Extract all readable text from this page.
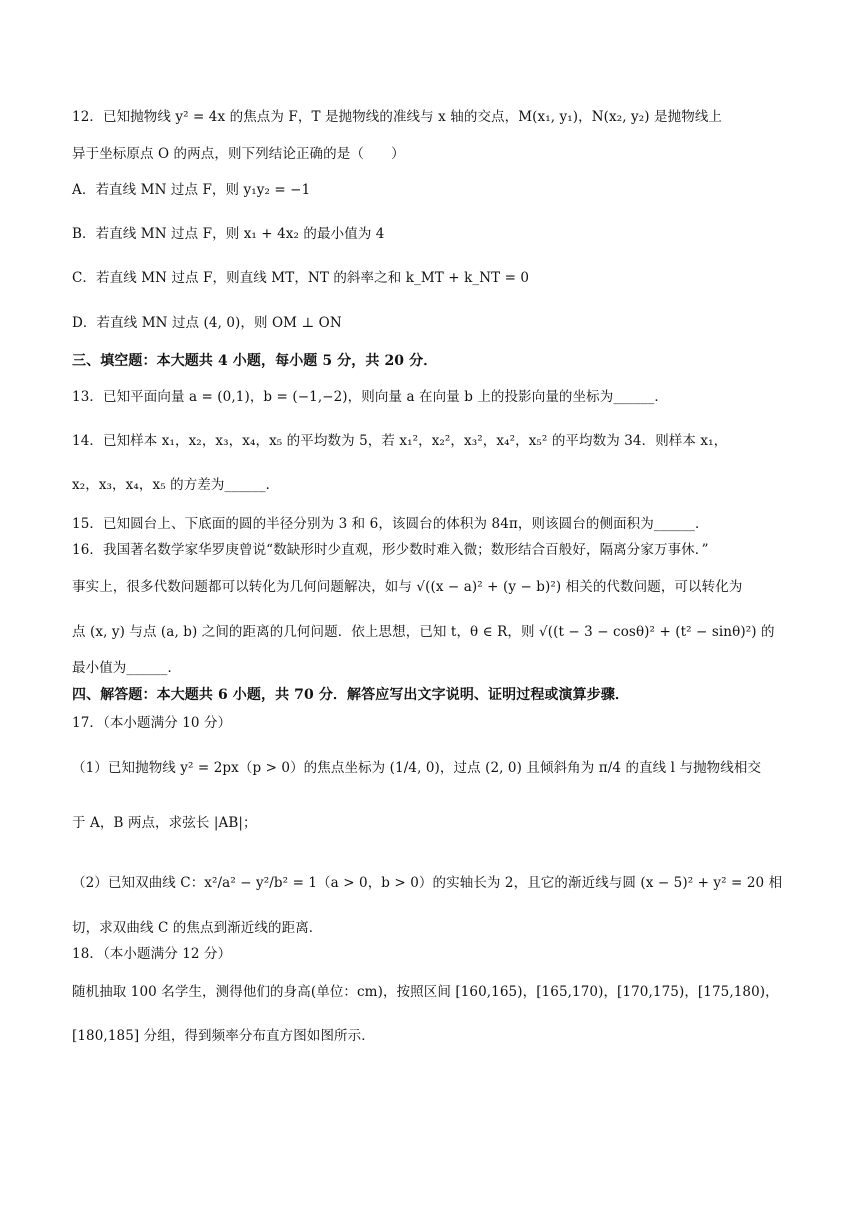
12．已知抛物线 y² = 4x 的焦点为 F，T 是抛物线的准线与 x 轴的交点，M(x₁, y₁)，N(x₂, y₂) 是抛物线上
异于坐标原点 O 的两点，则下列结论正确的是（　　）
A．若直线 MN 过点 F，则 y₁y₂ = −1
B．若直线 MN 过点 F，则 x₁ + 4x₂ 的最小值为 4
C．若直线 MN 过点 F，则直线 MT，NT 的斜率之和 k_MT + k_NT = 0
D．若直线 MN 过点 (4, 0)，则 OM ⊥ ON
三、填空题：本大题共 4 小题，每小题 5 分，共 20 分．
13．已知平面向量 a = (0,1)，b = (−1,−2)，则向量 a 在向量 b 上的投影向量的坐标为______．
14．已知样本 x₁，x₂，x₃，x₄，x₅ 的平均数为 5，若 x₁²，x₂²，x₃²，x₄²，x₅² 的平均数为 34．则样本 x₁，
x₂，x₃，x₄，x₅ 的方差为______．
15．已知圆台上、下底面的圆的半径分别为 3 和 6，该圆台的体积为 84π，则该圆台的侧面积为______．
16．我国著名数学家华罗庚曾说“数缺形时少直观，形少数时难入微；数形结合百般好，隔离分家万事休．”
事实上，很多代数问题都可以转化为几何问题解决，如与 √((x − a)² + (y − b)²) 相关的代数问题，可以转化为
点 (x, y) 与点 (a, b) 之间的距离的几何问题．依上思想，已知 t，θ ∈ R，则 √((t − 3 − cosθ)² + (t² − sinθ)²) 的
最小值为______．
四、解答题：本大题共 6 小题，共 70 分．解答应写出文字说明、证明过程或演算步骤．
17．（本小题满分 10 分）
（1）已知抛物线 y² = 2px（p > 0）的焦点坐标为 (1/4, 0)，过点 (2, 0) 且倾斜角为 π/4 的直线 l 与抛物线相交
于 A，B 两点，求弦长 |AB|；
（2）已知双曲线 C：x²/a² − y²/b² = 1（a > 0，b > 0）的实轴长为 2，且它的渐近线与圆 (x − 5)² + y² = 20 相
切，求双曲线 C 的焦点到渐近线的距离．
18．（本小题满分 12 分）
随机抽取 100 名学生，测得他们的身高(单位：cm)，按照区间 [160,165)，[165,170)，[170,175)，[175,180)，
[180,185] 分组，得到频率分布直方图如图所示．
